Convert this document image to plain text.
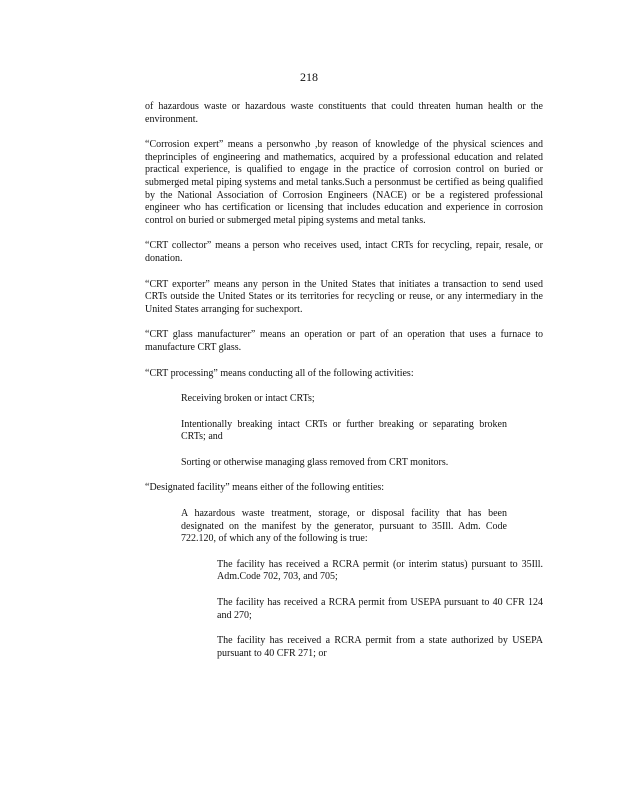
218

of hazardous waste or hazardous waste constituents that could threaten human health or the environment.

“Corrosion expert” means a personwho ,by reason of knowledge of the physical sciences and theprinciples of engineering and mathematics, acquired by a professional education and related practical experience, is qualified to engage in the practice of corrosion control on buried or submerged metal piping systems and metal tanks.Such a personmust be certified as being qualified by the National Association of Corrosion Engineers (NACE) or be a registered professional engineer who has certification or licensing that includes education and experience in corrosion control on buried or submerged metal piping systems and metal tanks.

“CRT collector” means a person who receives used, intact CRTs for recycling, repair, resale, or donation.

“CRT exporter” means any person in the United States that initiates a transaction to send used CRTs outside the United States or its territories for recycling or reuse, or any intermediary in the United States arranging for suchexport.

“CRT glass manufacturer” means an operation or part of an operation that uses a furnace to manufacture CRT glass.

“CRT processing” means conducting all of the following activities:

Receiving broken or intact CRTs;

Intentionally breaking intact CRTs or further breaking or separating broken CRTs; and

Sorting or otherwise managing glass removed from CRT monitors.

“Designated facility” means either of the following entities:

A hazardous waste treatment, storage, or disposal facility that has been designated on the manifest by the generator, pursuant to 35Ill. Adm. Code 722.120, of which any of the following is true:

The facility has received a RCRA permit (or interim status) pursuant to 35Ill. Adm.Code 702, 703, and 705;

The facility has received a RCRA permit from USEPA pursuant to 40 CFR 124 and 270;

The facility has received a RCRA permit from a state authorized by USEPA pursuant to 40 CFR 271; or
